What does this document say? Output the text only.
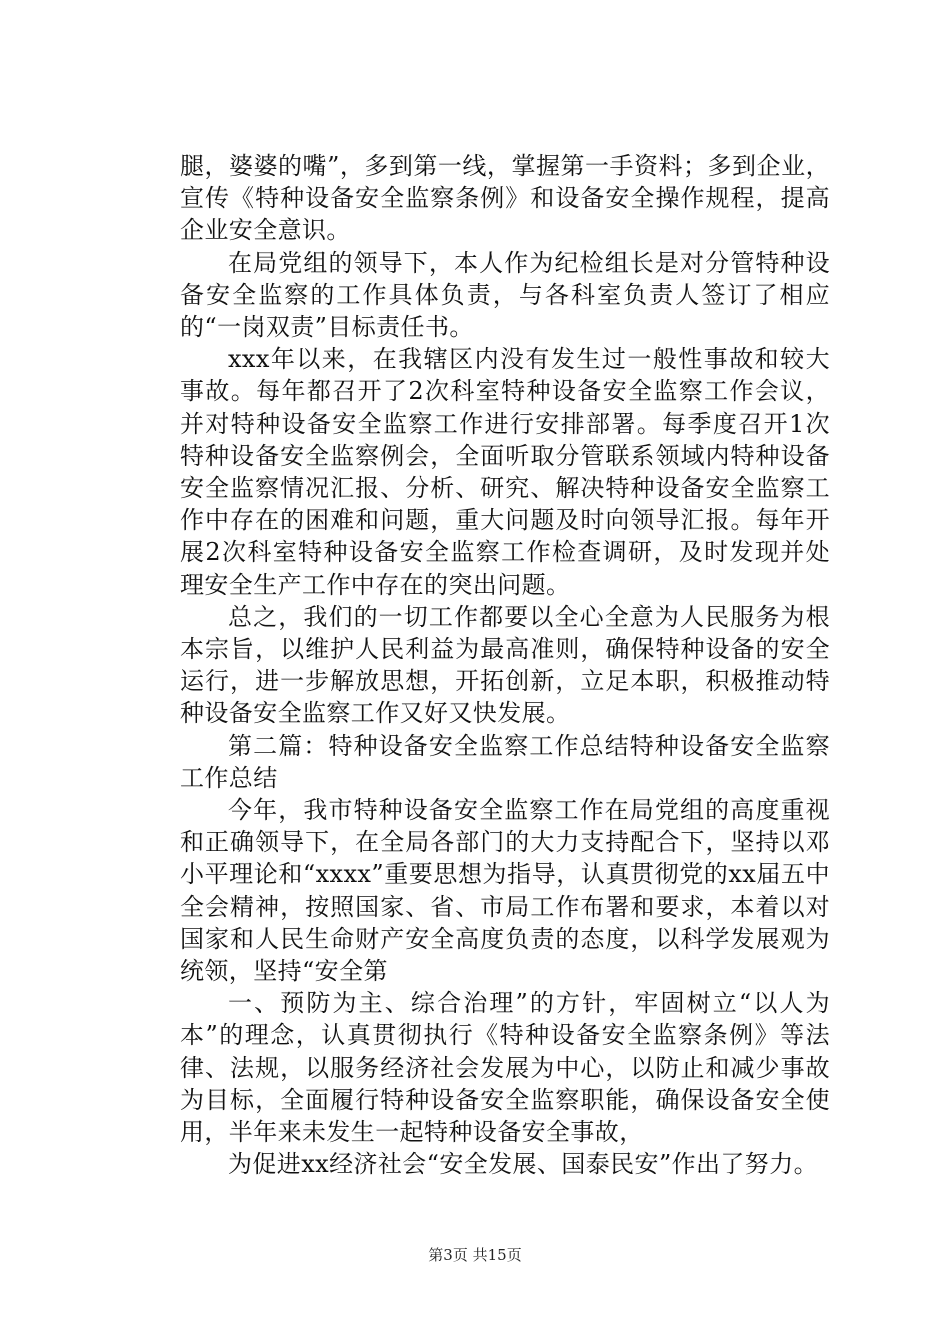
腿，婆婆的嘴”，多到第一线，掌握第一手资料；多到企业，宣传《特种设备安全监察条例》和设备安全操作规程，提高企业安全意识。

在局党组的领导下，本人作为纪检组长是对分管特种设备安全监察的工作具体负责，与各科室负责人签订了相应的“一岗双责”目标责任书。

xxx年以来，在我辖区内没有发生过一般性事故和较大事故。每年都召开了2次科室特种设备安全监察工作会议，并对特种设备安全监察工作进行安排部署。每季度召开1次特种设备安全监察例会，全面听取分管联系领域内特种设备安全监察情况汇报、分析、研究、解决特种设备安全监察工作中存在的困难和问题，重大问题及时向领导汇报。每年开展2次科室特种设备安全监察工作检查调研，及时发现并处理安全生产工作中存在的突出问题。

总之，我们的一切工作都要以全心全意为人民服务为根本宗旨，以维护人民利益为最高准则，确保特种设备的安全运行，进一步解放思想，开拓创新，立足本职，积极推动特种设备安全监察工作又好又快发展。

第二篇：特种设备安全监察工作总结特种设备安全监察工作总结

今年，我市特种设备安全监察工作在局党组的高度重视和正确领导下，在全局各部门的大力支持配合下，坚持以邓小平理论和“xxxx”重要思想为指导，认真贯彻党的xx届五中全会精神，按照国家、省、市局工作布署和要求，本着以对国家和人民生命财产安全高度负责的态度，以科学发展观为统领，坚持“安全第

一、预防为主、综合治理”的方针，牢固树立“以人为本”的理念，认真贯彻执行《特种设备安全监察条例》等法律、法规，以服务经济社会发展为中心，以防止和减少事故为目标，全面履行特种设备安全监察职能，确保设备安全使用，半年来未发生一起特种设备安全事故，

为促进xx经济社会“安全发展、国泰民安”作出了努力。

第3页 共15页
